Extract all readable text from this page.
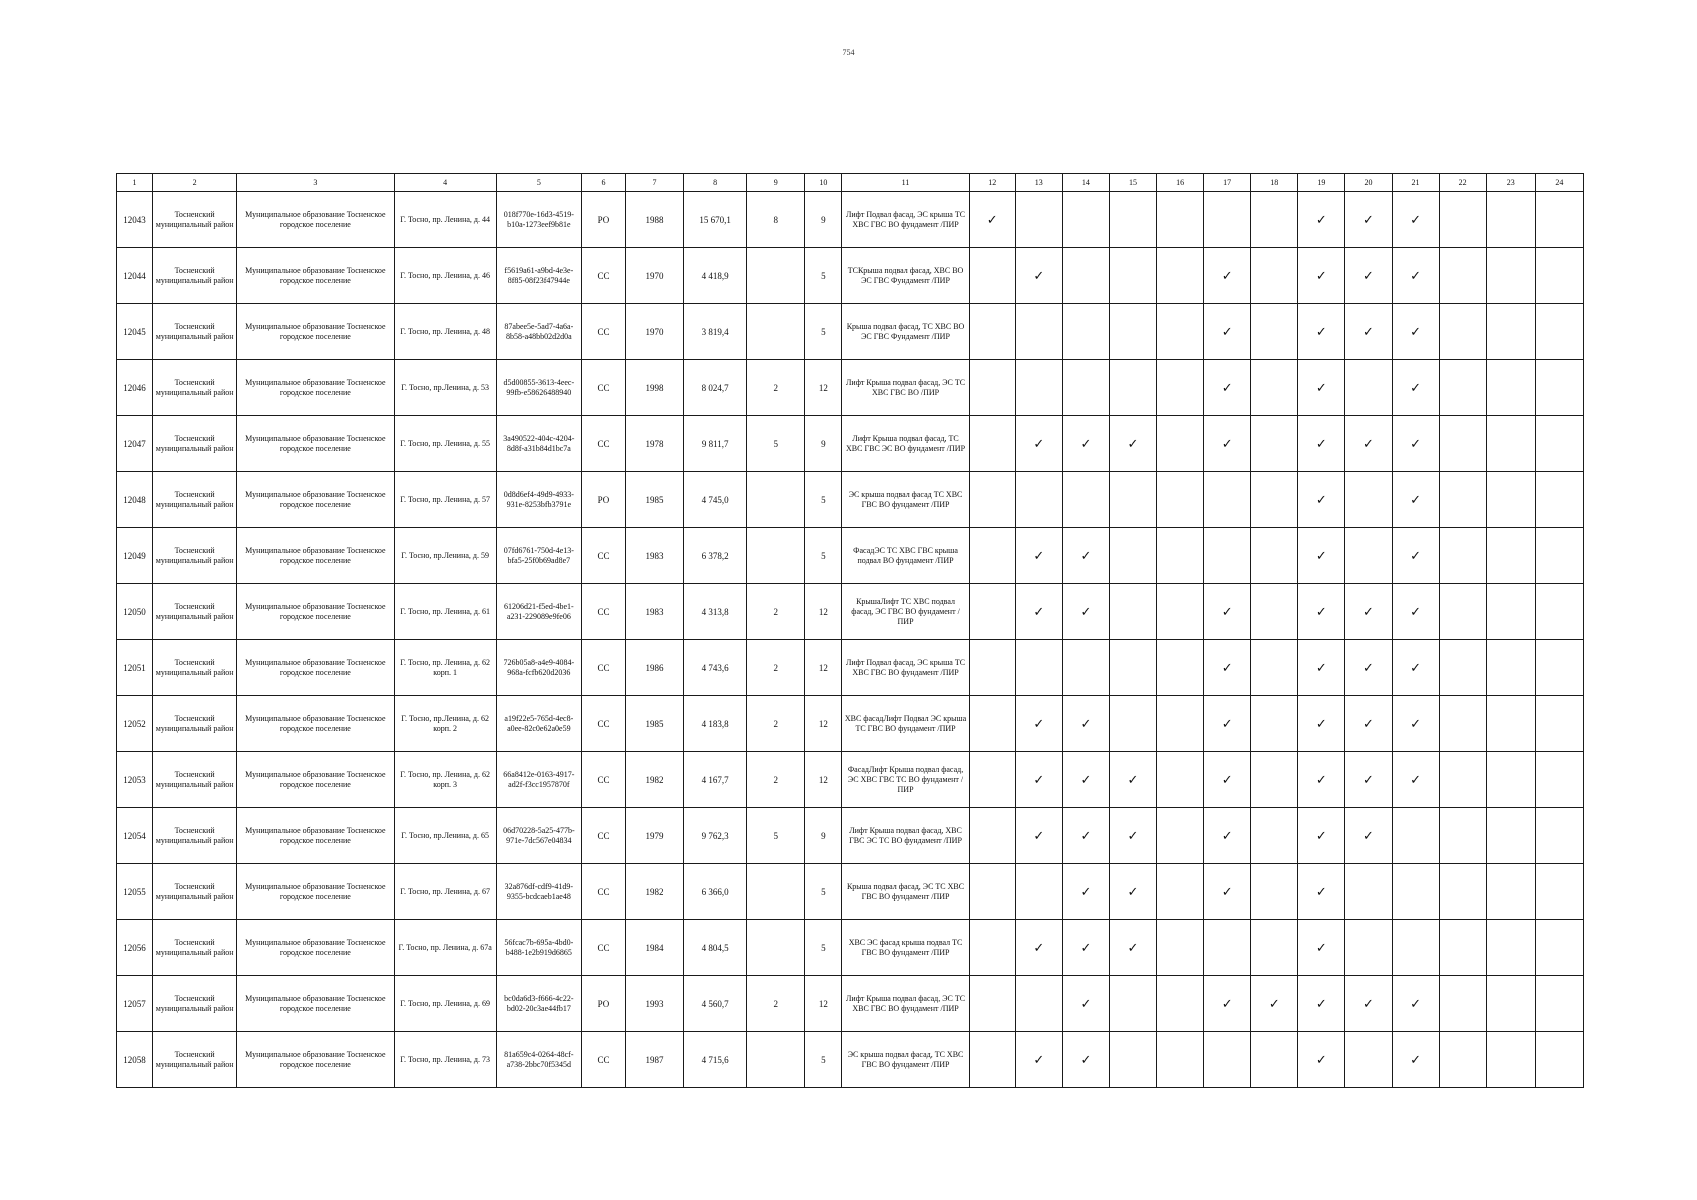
754
1	2	3	4	5	6	7	8	9	10	11	12	13	14	15	16	17	18	19	20	21	22	23	24
12043	Тосненский муниципальный район	Муниципальное образование Тосненское городское поселение	Г. Тосно, пр. Ленина, д. 44	018f770e-16d3-4519-b10a-1273eef9b81e	РО	1988	15 670,1	8	9	Лифт Подвал фасад, ЭС крыша ТС ХВС ГВС ВО фундамент /ПИР	✓							✓	✓	✓			
12044	Тосненский муниципальный район	Муниципальное образование Тосненское городское поселение	Г. Тосно, пр. Ленина, д. 46	f5619a61-a9bd-4e3e-8f85-08f23f47944e	СС	1970	4 418,9		5	ТСКрыша подвал фасад, ХВС ВО ЭС ГВС Фундамент /ПИР		✓				✓		✓	✓	✓			
12045	Тосненский муниципальный район	Муниципальное образование Тосненское городское поселение	Г. Тосно, пр. Ленина, д. 48	87abee5e-5ad7-4a6a-8b58-a48bb02d2d0a	СС	1970	3 819,4		5	Крыша подвал фасад, ТС ХВС ВО ЭС ГВС Фундамент /ПИР						✓		✓	✓	✓			
12046	Тосненский муниципальный район	Муниципальное образование Тосненское городское поселение	Г. Тосно, пр.Ленина, д. 53	d5d00855-3613-4eec-99fb-e58626488940	СС	1998	8 024,7	2	12	Лифт Крыша подвал фасад, ЭС ТС ХВС ГВС ВО /ПИР						✓		✓		✓			
12047	Тосненский муниципальный район	Муниципальное образование Тосненское городское поселение	Г. Тосно, пр. Ленина, д. 55	3a490522-404c-4204-8d8f-a31b84d1bc7a	СС	1978	9 811,7	5	9	Лифт Крыша подвал фасад, ТС ХВС ГВС ЭС ВО фундамент /ПИР		✓	✓	✓		✓		✓	✓	✓			
12048	Тосненский муниципальный район	Муниципальное образование Тосненское городское поселение	Г. Тосно, пр. Ленина, д. 57	0d8d6ef4-49d9-4933-931e-8253bfb3791e	РО	1985	4 745,0		5	ЭС крыша подвал фасад ТС ХВС ГВС ВО фундамент /ПИР								✓		✓			
12049	Тосненский муниципальный район	Муниципальное образование Тосненское городское поселение	Г. Тосно, пр.Ленина, д. 59	07fd6761-750d-4e13-bfa5-25f0b69ad8e7	СС	1983	6 378,2		5	ФасадЭС ТС ХВС ГВС крыша подвал ВО фундамент /ПИР		✓	✓					✓		✓			
12050	Тосненский муниципальный район	Муниципальное образование Тосненское городское поселение	Г. Тосно, пр. Ленина, д. 61	61206d21-f5ed-4be1-a231-229089e9fe06	СС	1983	4 313,8	2	12	КрышаЛифт ТС ХВС подвал фасад, ЭС ГВС ВО фундамент /ПИР		✓	✓			✓		✓	✓	✓			
12051	Тосненский муниципальный район	Муниципальное образование Тосненское городское поселение	Г. Тосно, пр. Ленина, д. 62 корп. 1	726b05a8-a4e9-4084-968a-fcfb620d2036	СС	1986	4 743,6	2	12	Лифт Подвал фасад, ЭС крыша ТС ХВС ГВС ВО фундамент /ПИР						✓		✓	✓	✓			
12052	Тосненский муниципальный район	Муниципальное образование Тосненское городское поселение	Г. Тосно, пр.Ленина, д. 62 корп. 2	a19f22e5-765d-4ec8-a0ee-82c0e62a0e59	СС	1985	4 183,8	2	12	ХВС фасадЛифт Подвал ЭС крыша ТС ГВС ВО фундамент /ПИР		✓	✓			✓		✓	✓	✓			
12053	Тосненский муниципальный район	Муниципальное образование Тосненское городское поселение	Г. Тосно, пр. Ленина, д. 62 корп. 3	66a8412e-0163-4917-ad2f-f3cc1957870f	СС	1982	4 167,7	2	12	ФасадЛифт Крыша подвал фасад, ЭС ХВС ГВС ТС ВО фундамент /ПИР		✓	✓	✓		✓		✓	✓	✓			
12054	Тосненский муниципальный район	Муниципальное образование Тосненское городское поселение	Г. Тосно, пр.Ленина, д. 65	06d70228-5a25-477b-971e-7dc567e04834	СС	1979	9 762,3	5	9	Лифт Крыша подвал фасад, ХВС ГВС ЭС ТС ВО фундамент /ПИР		✓	✓	✓		✓		✓	✓				
12055	Тосненский муниципальный район	Муниципальное образование Тосненское городское поселение	Г. Тосно, пр. Ленина, д. 67	32a876df-cdf9-41d9-9355-bcdcaeb1ae48	СС	1982	6 366,0		5	Крыша подвал фасад, ЭС ТС ХВС ГВС ВО фундамент /ПИР			✓	✓		✓		✓					
12056	Тосненский муниципальный район	Муниципальное образование Тосненское городское поселение	Г. Тосно, пр. Ленина, д. 67а	56fcac7b-695a-4bd0-b488-1e2b919d6865	СС	1984	4 804,5		5	ХВС ЭС фасад крыша подвал ТС ГВС ВО фундамент /ПИР		✓	✓	✓				✓					
12057	Тосненский муниципальный район	Муниципальное образование Тосненское городское поселение	Г. Тосно, пр. Ленина, д. 69	bc0da6d3-f666-4c22-bd02-20c3ae44fb17	РО	1993	4 560,7	2	12	Лифт Крыша подвал фасад, ЭС ТС ХВС ГВС ВО фундамент /ПИР			✓			✓	✓	✓	✓	✓			
12058	Тосненский муниципальный район	Муниципальное образование Тосненское городское поселение	Г. Тосно, пр. Ленина, д. 73	81a659c4-0264-48cf-a738-2bbc70f5345d	СС	1987	4 715,6		5	ЭС крыша подвал фасад, ТС ХВС ГВС ВО фундамент /ПИР		✓	✓					✓		✓			
